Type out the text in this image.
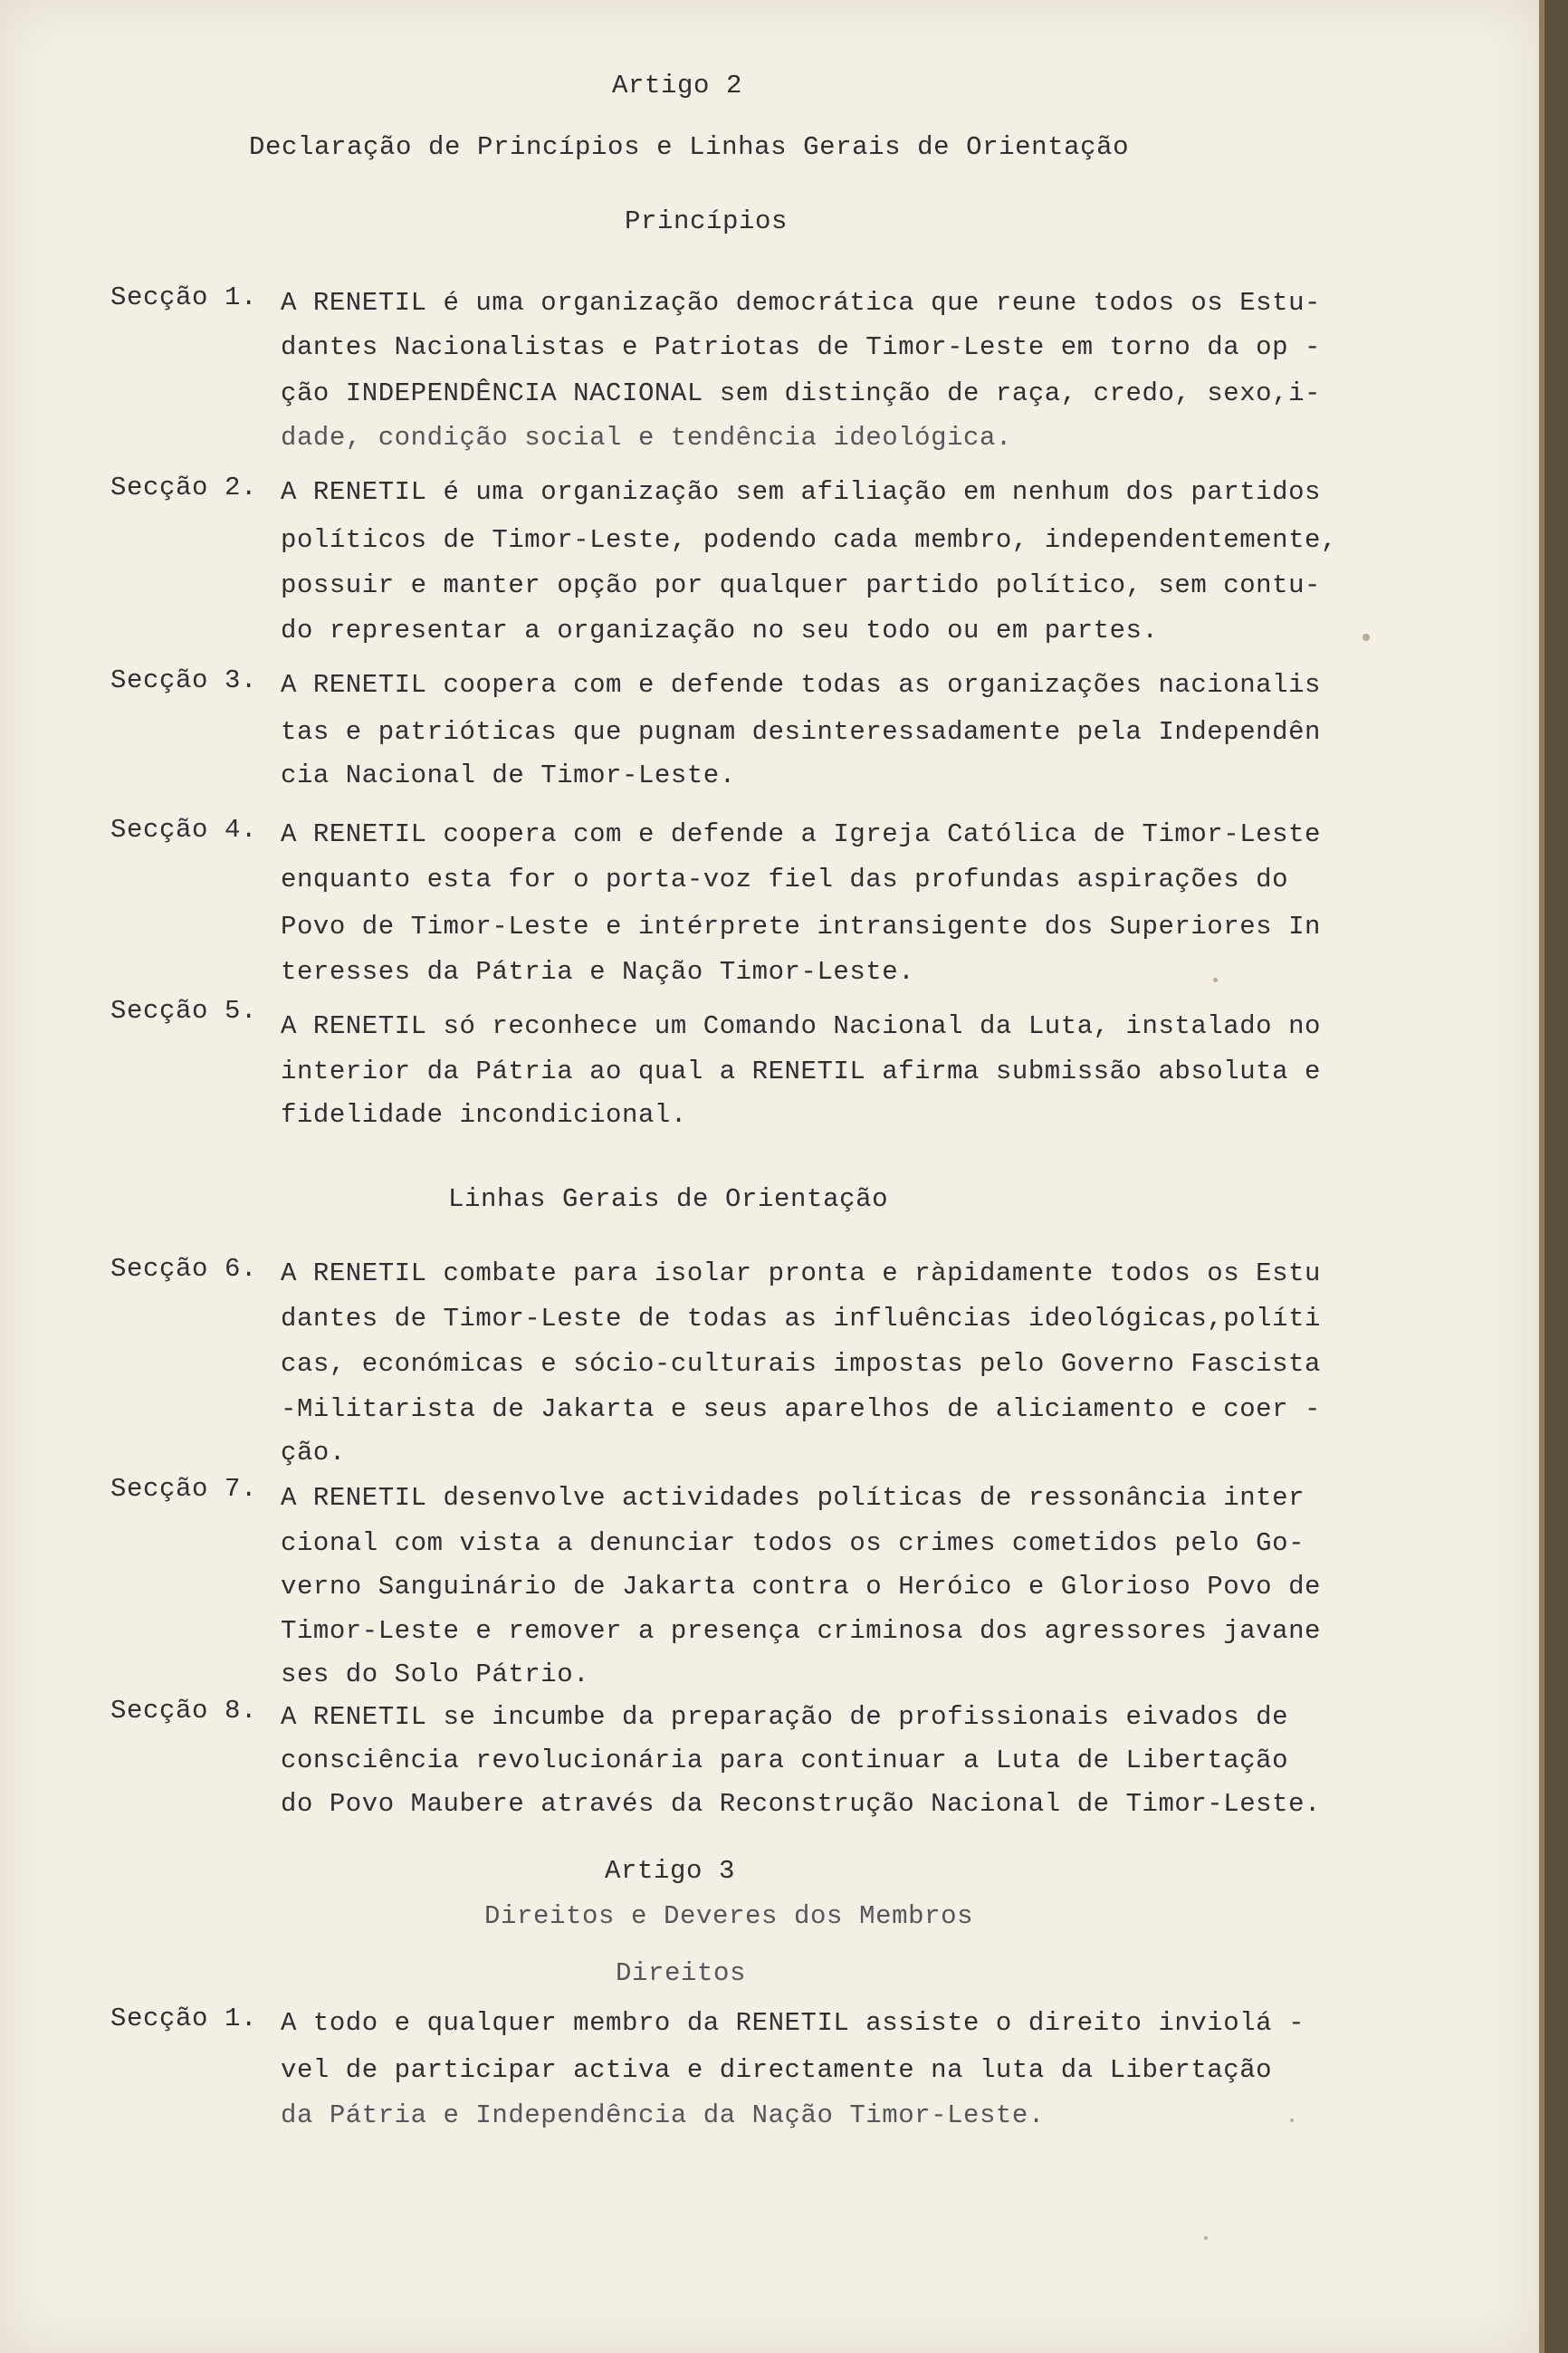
Artigo 2
Declaração de Princípios e Linhas Gerais de Orientação
Princípios
Secção 1. A RENETIL é uma organização democrática que reune todos os Estu-
dantes Nacionalistas e Patriotas de Timor-Leste em torno da op -
ção INDEPENDÊNCIA NACIONAL sem distinção de raça, credo, sexo,i-
dade, condição social e tendência ideológica.
Secção 2. A RENETIL é uma organização sem afiliação em nenhum dos partidos
políticos de Timor-Leste, podendo cada membro, independentemente,
possuir e manter opção por qualquer partido político, sem contu-
do representar a organização no seu todo ou em partes.
Secção 3. A RENETIL coopera com e defende todas as organizações nacionalis
tas e patrióticas que pugnam desinteressadamente pela Independên
cia Nacional de Timor-Leste.
Secção 4. A RENETIL coopera com e defende a Igreja Católica de Timor-Leste
enquanto esta for o porta-voz fiel das profundas aspirações do
Povo de Timor-Leste e intérprete intransigente dos Superiores In
teresses da Pátria e Nação Timor-Leste.
Secção 5.
A RENETIL só reconhece um Comando Nacional da Luta, instalado no
interior da Pátria ao qual a RENETIL afirma submissão absoluta e
fidelidade incondicional.
Linhas Gerais de Orientação
Secção 6. A RENETIL combate para isolar pronta e ràpidamente todos os Estu
dantes de Timor-Leste de todas as influências ideológicas,políti
cas, económicas e sócio-culturais impostas pelo Governo Fascista
-Militarista de Jakarta e seus aparelhos de aliciamento e coer -
ção.
Secção 7. A RENETIL desenvolve actividades políticas de ressonância inter
cional com vista a denunciar todos os crimes cometidos pelo Go-
verno Sanguinário de Jakarta contra o Heróico e Glorioso Povo de
Timor-Leste e remover a presença criminosa dos agressores javane
ses do Solo Pátrio.
Secção 8. A RENETIL se incumbe da preparação de profissionais eivados de
consciência revolucionária para continuar a Luta de Libertação
do Povo Maubere através da Reconstrução Nacional de Timor-Leste.
Artigo 3
Direitos e Deveres dos Membros
Direitos
Secção 1. A todo e qualquer membro da RENETIL assiste o direito inviolá -
vel de participar activa e directamente na luta da Libertação
da Pátria e Independência da Nação Timor-Leste.
